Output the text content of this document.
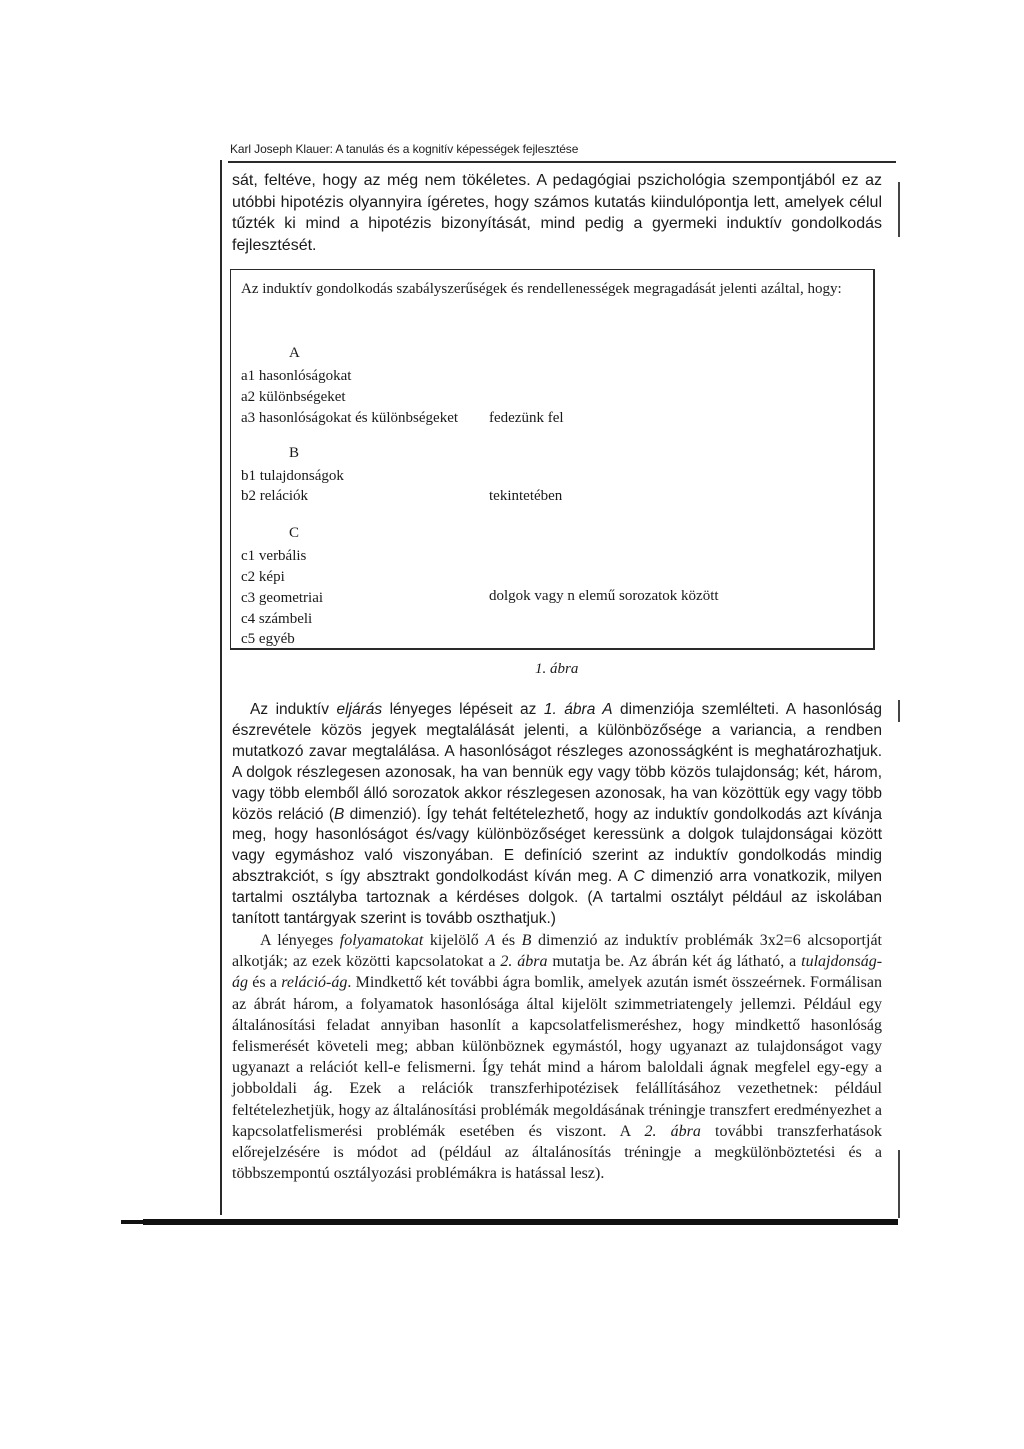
Karl Joseph Klauer: A tanulás és a kognitív képességek fejlesztése

sát, feltéve, hogy az még nem tökéletes. A pedagógiai pszichológia szempontjából ez az utóbbi hipotézis olyannyira ígéretes, hogy számos kutatás kiindulópontja lett, amelyek célul tűzték ki mind a hipotézis bizonyítását, mind pedig a gyermeki induktív gondolkodás fejlesztését.

Az induktív gondolkodás szabályszerűségek és rendellenességek megragadását jelenti azáltal, hogy:

A
a1 hasonlóságokat
a2 különbségeket
a3 hasonlóságokat és különbségeket fedezünk fel
B
b1 tulajdonságok
b2 relációk	tekintetében
C
c1 verbális
c2 képi
c3 geometriai
c4 számbeli
c5 egyéb
dolgok vagy n elemű sorozatok között
1. ábra

Az induktív eljárás lényeges lépéseit az 1. ábra A dimenziója szemlélteti. A hasonlóság észrevétele közös jegyek megtalálását jelenti, a különbözősége a variancia, a rendben mutatkozó zavar megtalálása. A hasonlóságot részleges azonosságként is meghatározhatjuk. A dolgok részlegesen azonosak, ha van bennük egy vagy több közös tulajdonság; két, három, vagy több elemből álló sorozatok akkor részlegesen azonosak, ha van közöttük egy vagy több közös reláció (B dimenzió). Így tehát feltételezhető, hogy az induktív gondolkodás azt kívánja meg, hogy hasonlóságot és/vagy különbözőséget keressünk a dolgok tulajdonságai között vagy egymáshoz való viszonyában. E definíció szerint az induktív gondolkodás mindig absztrakciót, s így absztrakt gondolkodást kíván meg. A C dimenzió arra vonatkozik, milyen tartalmi osztályba tartoznak a kérdéses dolgok. (A tartalmi osztályt például az iskolában tanított tantárgyak szerint is tovább oszthatjuk.)

A lényeges folyamatokat kijelölő A és B dimenzió az induktív problémák 3x2=6 alcsoportját alkotják; az ezek közötti kapcsolatokat a 2. ábra mutatja be. Az ábrán két ág látható, a tulajdonság-ág és a reláció-ág. Mindkettő két további ágra bomlik, amelyek azután ismét összeérnek. Formálisan az ábrát három, a folyamatok hasonlósága által kijelölt szimmetriatengely jellemzi. Például egy általánosítási feladat annyiban hasonlít a kapcsolatfelismeréshez, hogy mindkettő hasonlóság felismerését követeli meg; abban különböznek egymástól, hogy ugyanazt az tulajdonságot vagy ugyanazt a relációt kell-e felismerni. Így tehát mind a három baloldali ágnak megfelel egy-egy a jobboldali ág. Ezek a relációk transzferhipotézisek felállításához vezethetnek: például feltételezhetjük, hogy az általánosítási problémák megoldásának tréningje transzfert eredményezhet a kapcsolatfelismerési problémák esetében és viszont. A 2. ábra további transzferhatások előrejelzésére is módot ad (például az általánosítás tréningje a megkülönböztetési és a többszempontú osztályozási problémákra is hatással lesz).
